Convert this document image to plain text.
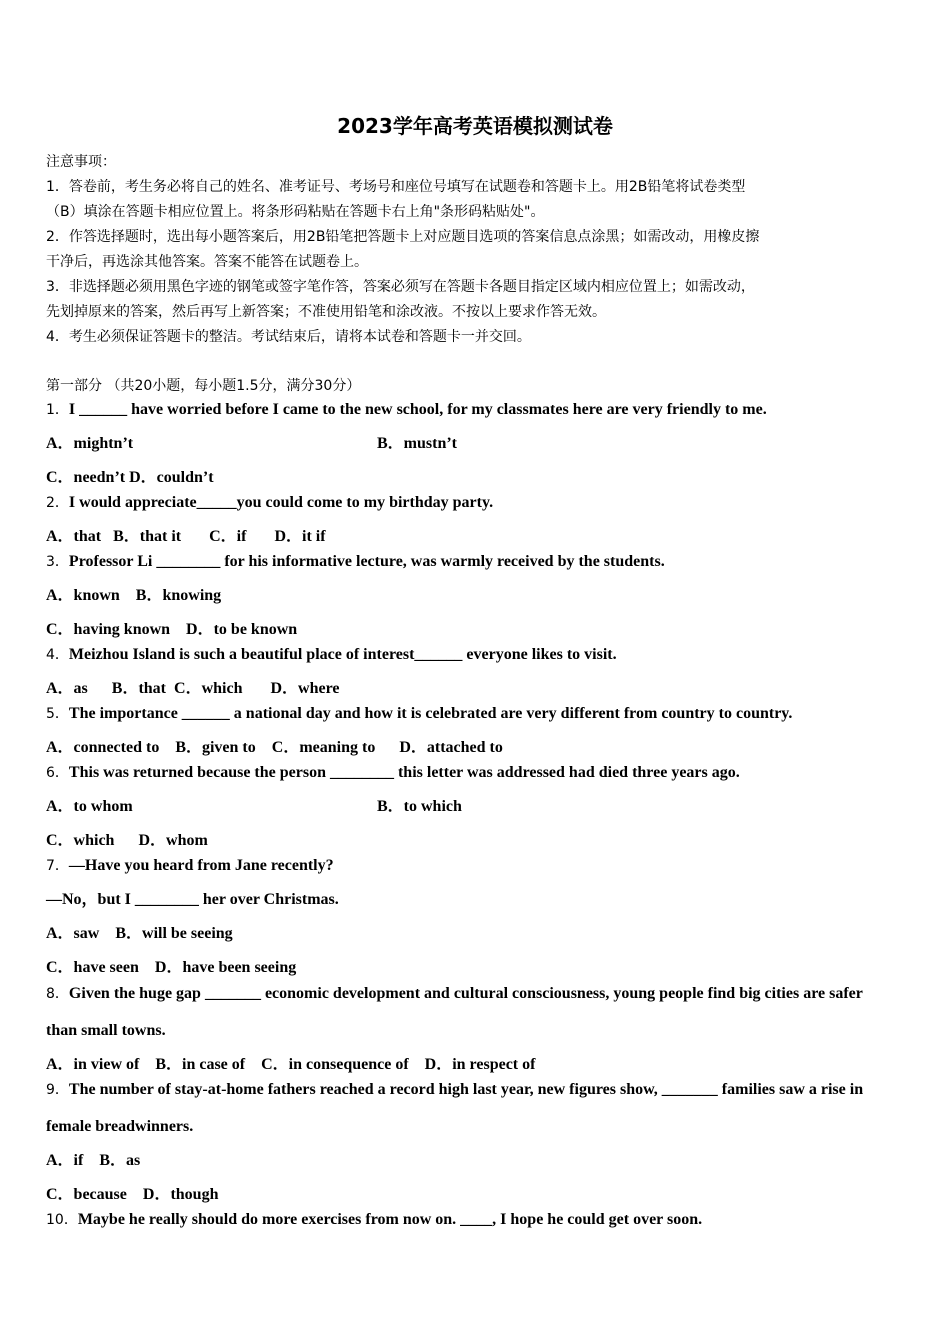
2023学年高考英语模拟测试卷
注意事项：
1．答卷前，考生务必将自己的姓名、准考证号、考场号和座位号填写在试题卷和答题卡上。用2B铅笔将试卷类型
（B）填涂在答题卡相应位置上。将条形码粘贴在答题卡右上角"条形码粘贴处"。
2．作答选择题时，选出每小题答案后，用2B铅笔把答题卡上对应题目选项的答案信息点涂黑；如需改动，用橡皮擦
干净后，再选涂其他答案。答案不能答在试题卷上。
3．非选择题必须用黑色字迹的钢笔或签字笔作答，答案必须写在答题卡各题目指定区域内相应位置上；如需改动，
先划掉原来的答案，然后再写上新答案；不准使用铅笔和涂改液。不按以上要求作答无效。
4．考生必须保证答题卡的整洁。考试结束后，请将本试卷和答题卡一并交回。
第一部分 （共20小题，每小题1.5分，满分30分）
1．I ______ have worried before I came to the new school, for my classmates here are very friendly to me.
A．mightn’t	B．mustn’t
C．needn’t D．couldn’t
2．I would appreciate_____you could come to my birthday party.
A．that   B．that it       C．if       D．it if
3．Professor Li ________ for his informative lecture, was warmly received by the students.
A．known    B．knowing
C．having known    D．to be known
4．Meizhou Island is such a beautiful place of interest______ everyone likes to visit.
A．as      B．that  C．which       D．where
5．The importance ______ a national day and how it is celebrated are very different from country to country.
A．connected to    B．given to    C．meaning to      D．attached to
6．This was returned because the person ________ this letter was addressed had died three years ago.
A．to whom	B．to which
C．which      D．whom
7．—Have you heard from Jane recently?
—No，but I ________ her over Christmas.
A．saw    B．will be seeing
C．have seen    D．have been seeing
8．Given the huge gap _______ economic development and cultural consciousness, young people find big cities are safer
than small towns.
A．in view of    B．in case of    C．in consequence of    D．in respect of
9．The number of stay-at-home fathers reached a record high last year, new figures show, _______ families saw a rise in
female breadwinners.
A．if    B．as
C．because    D．though
10．Maybe he really should do more exercises from now on. ____, I hope he could get over soon.
